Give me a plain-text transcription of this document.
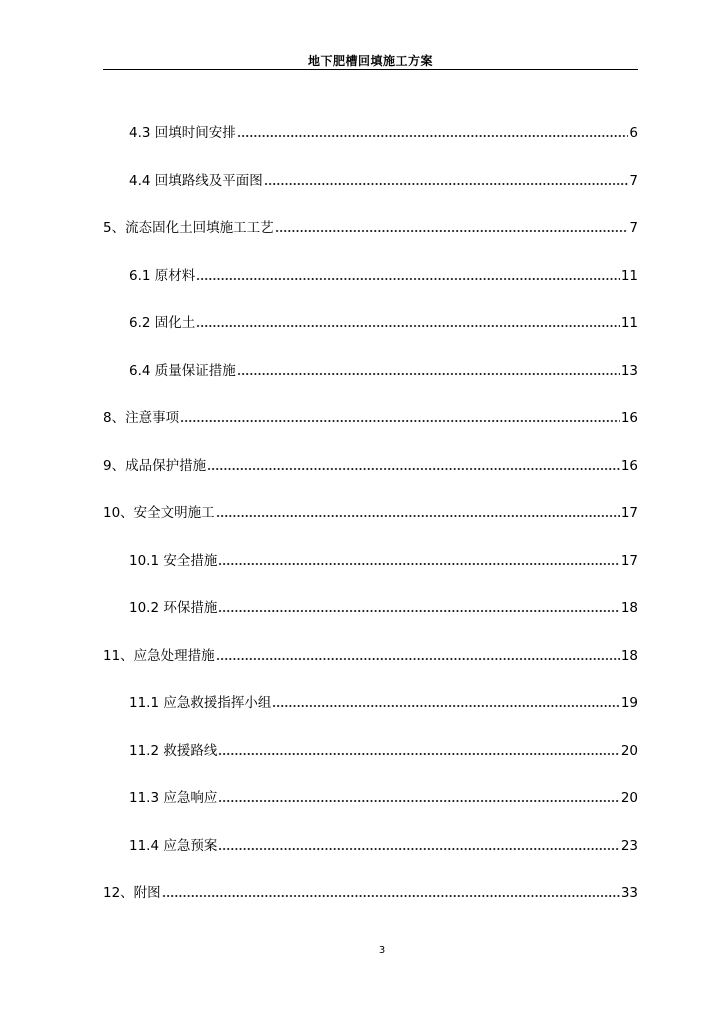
地下肥槽回填施工方案
4.3 回填时间安排	6
4.4 回填路线及平面图	7
5、流态固化土回填施工工艺	7
6.1 原材料	11
6.2 固化土	11
6.4 质量保证措施	13
8、注意事项	16
9、成品保护措施	16
10、安全文明施工	17
10.1 安全措施	17
10.2 环保措施	18
11、应急处理措施	18
11.1 应急救援指挥小组	19
11.2 救援路线	20
11.3 应急响应	20
11.4 应急预案	23
12、附图	33
3
